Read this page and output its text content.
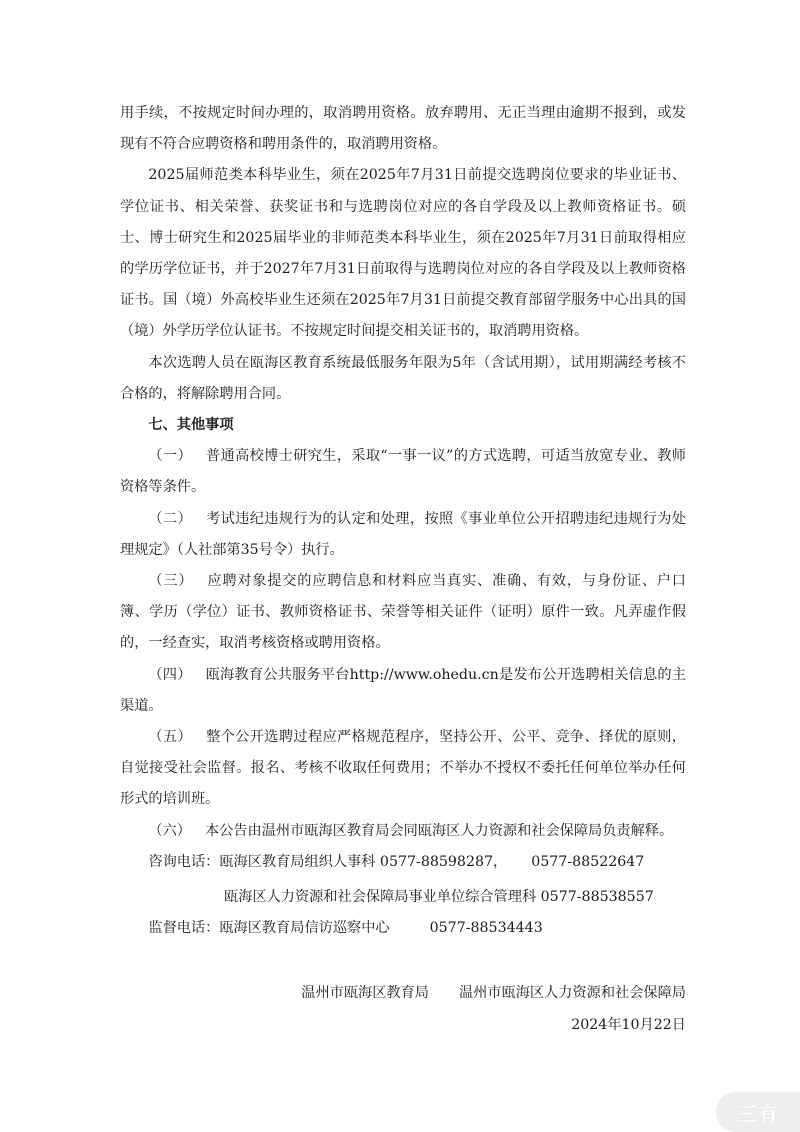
用手续，不按规定时间办理的，取消聘用资格。放弃聘用、无正当理由逾期不报到，或发现有不符合应聘资格和聘用条件的，取消聘用资格。

2025届师范类本科毕业生，须在2025年7月31日前提交选聘岗位要求的毕业证书、学位证书、相关荣誉、获奖证书和与选聘岗位对应的各自学段及以上教师资格证书。硕士、博士研究生和2025届毕业的非师范类本科毕业生，须在2025年7月31日前取得相应的学历学位证书，并于2027年7月31日前取得与选聘岗位对应的各自学段及以上教师资格证书。国（境）外高校毕业生还须在2025年7月31日前提交教育部留学服务中心出具的国（境）外学历学位认证书。不按规定时间提交相关证书的，取消聘用资格。

本次选聘人员在瓯海区教育系统最低服务年限为5年（含试用期），试用期满经考核不合格的，将解除聘用合同。

七、其他事项

（一） 普通高校博士研究生，采取“一事一议”的方式选聘，可适当放宽专业、教师资格等条件。

（二） 考试违纪违规行为的认定和处理，按照《事业单位公开招聘违纪违规行为处理规定》（人社部第35号令）执行。

（三） 应聘对象提交的应聘信息和材料应当真实、准确、有效，与身份证、户口簿、学历（学位）证书、教师资格证书、荣誉等相关证件（证明）原件一致。凡弄虚作假的，一经查实，取消考核资格或聘用资格。

（四） 瓯海教育公共服务平台http://www.ohedu.cn是发布公开选聘相关信息的主渠道。

（五） 整个公开选聘过程应严格规范程序，坚持公开、公平、竞争、择优的原则，自觉接受社会监督。报名、考核不收取任何费用；不举办不授权不委托任何单位举办任何形式的培训班。

（六） 本公告由温州市瓯海区教育局会同瓯海区人力资源和社会保障局负责解释。

咨询电话：瓯海区教育局组织人事科 0577-88598287， 0577-88522647

瓯海区人力资源和社会保障局事业单位综合管理科 0577-88538557

监督电话：瓯海区教育局信访巡察中心	0577-88534443

温州市瓯海区教育局 温州市瓯海区人力资源和社会保障局
2024年10月22日
三有
